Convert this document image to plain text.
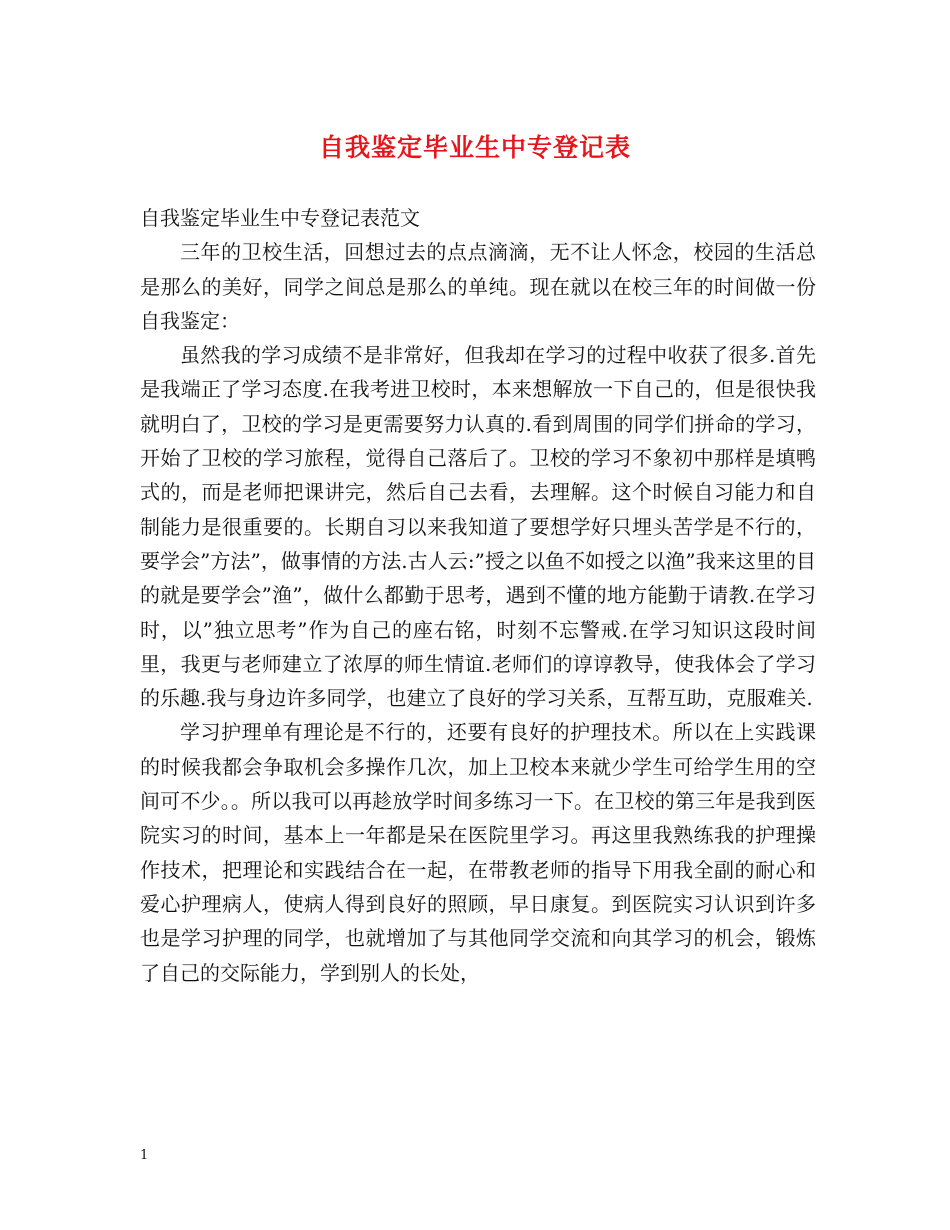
自我鉴定毕业生中专登记表

自我鉴定毕业生中专登记表范文

三年的卫校生活，回想过去的点点滴滴，无不让人怀念，校园的生活总是那么的美好，同学之间总是那么的单纯。现在就以在校三年的时间做一份自我鉴定：

虽然我的学习成绩不是非常好，但我却在学习的过程中收获了很多.首先是我端正了学习态度.在我考进卫校时，本来想解放一下自己的，但是很快我就明白了，卫校的学习是更需要努力认真的.看到周围的同学们拼命的学习，开始了卫校的学习旅程，觉得自己落后了。卫校的学习不象初中那样是填鸭式的，而是老师把课讲完，然后自己去看，去理解。这个时候自习能力和自制能力是很重要的。长期自习以来我知道了要想学好只埋头苦学是不行的，要学会”方法”，做事情的方法.古人云:”授之以鱼不如授之以渔”我来这里的目的就是要学会”渔”，做什么都勤于思考，遇到不懂的地方能勤于请教.在学习时，以”独立思考”作为自己的座右铭，时刻不忘警戒.在学习知识这段时间里，我更与老师建立了浓厚的师生情谊.老师们的谆谆教导，使我体会了学习的乐趣.我与身边许多同学，也建立了良好的学习关系，互帮互助，克服难关.

学习护理单有理论是不行的，还要有良好的护理技术。所以在上实践课的时候我都会争取机会多操作几次，加上卫校本来就少学生可给学生用的空间可不少。。所以我可以再趁放学时间多练习一下。在卫校的第三年是我到医院实习的时间，基本上一年都是呆在医院里学习。再这里我熟练我的护理操作技术，把理论和实践结合在一起，在带教老师的指导下用我全副的耐心和爱心护理病人，使病人得到良好的照顾，早日康复。到医院实习认识到许多也是学习护理的同学，也就增加了与其他同学交流和向其学习的机会，锻炼了自己的交际能力，学到别人的长处，

1
